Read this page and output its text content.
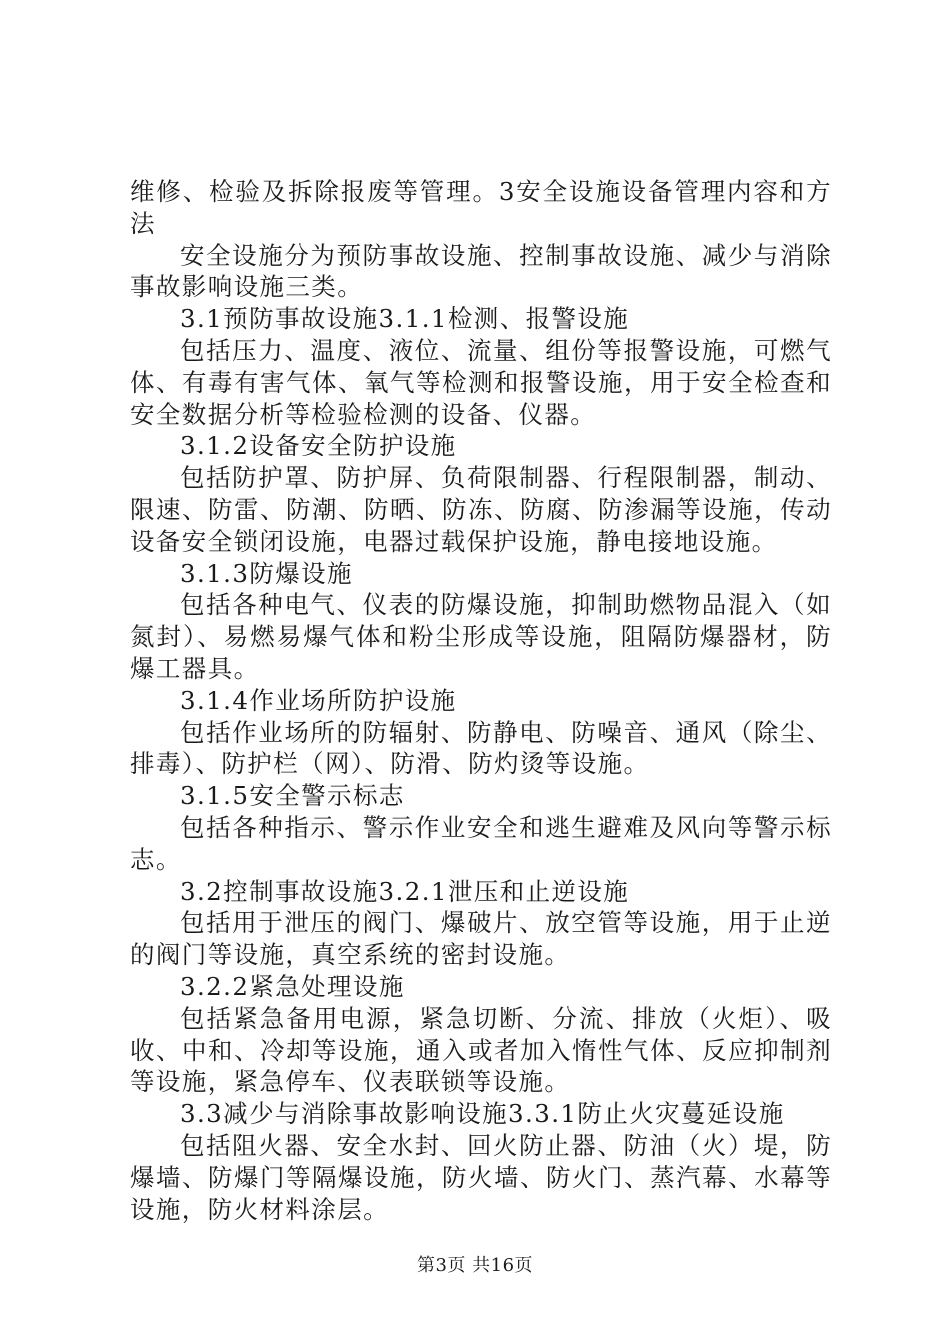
维修、检验及拆除报废等管理。3安全设施设备管理内容和方法

安全设施分为预防事故设施、控制事故设施、减少与消除事故影响设施三类。

3.1预防事故设施3.1.1检测、报警设施

包括压力、温度、液位、流量、组份等报警设施，可燃气体、有毒有害气体、氧气等检测和报警设施，用于安全检查和安全数据分析等检验检测的设备、仪器。

3.1.2设备安全防护设施

包括防护罩、防护屏、负荷限制器、行程限制器，制动、限速、防雷、防潮、防晒、防冻、防腐、防渗漏等设施，传动设备安全锁闭设施，电器过载保护设施，静电接地设施。

3.1.3防爆设施

包括各种电气、仪表的防爆设施，抑制助燃物品混入（如氮封）、易燃易爆气体和粉尘形成等设施，阻隔防爆器材，防爆工器具。

3.1.4作业场所防护设施

包括作业场所的防辐射、防静电、防噪音、通风（除尘、排毒）、防护栏（网）、防滑、防灼烫等设施。

3.1.5安全警示标志

包括各种指示、警示作业安全和逃生避难及风向等警示标志。

3.2控制事故设施3.2.1泄压和止逆设施

包括用于泄压的阀门、爆破片、放空管等设施，用于止逆的阀门等设施，真空系统的密封设施。

3.2.2紧急处理设施

包括紧急备用电源，紧急切断、分流、排放（火炬）、吸收、中和、冷却等设施，通入或者加入惰性气体、反应抑制剂等设施，紧急停车、仪表联锁等设施。

3.3减少与消除事故影响设施3.3.1防止火灾蔓延设施

包括阻火器、安全水封、回火防止器、防油（火）堤，防爆墙、防爆门等隔爆设施，防火墙、防火门、蒸汽幕、水幕等设施，防火材料涂层。

第3页 共16页
